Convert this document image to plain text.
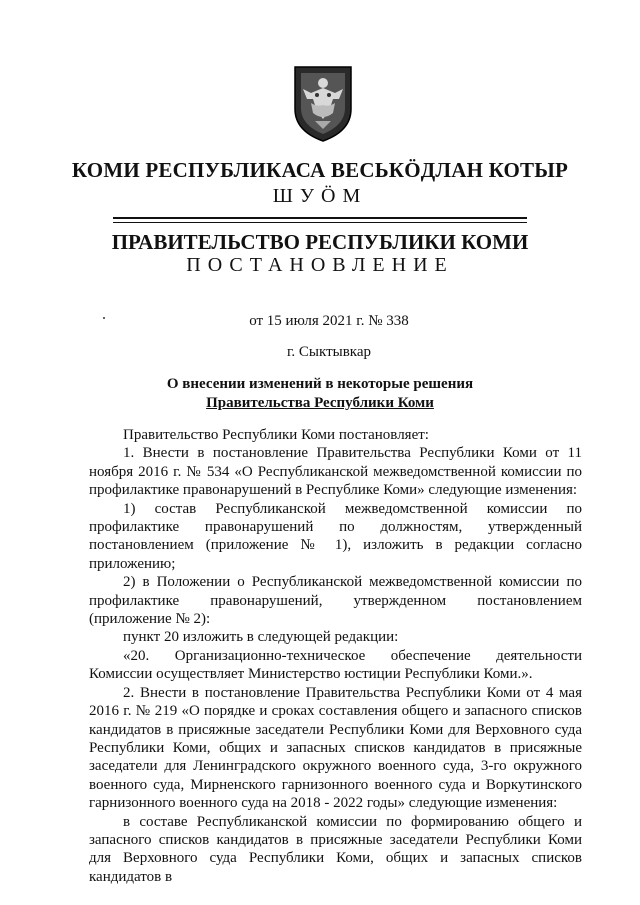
КОМИ РЕСПУБЛИКАСА ВЕСЬКӦДЛАН КОТЫР
ШУӦМ
ПРАВИТЕЛЬСТВО РЕСПУБЛИКИ КОМИ
ПОСТАНОВЛЕНИЕ
от 15 июля 2021 г. № 338
г. Сыктывкар
О внесении изменений в некоторые решения
Правительства Республики Коми

Правительство Республики Коми постановляет:

1. Внести в постановление Правительства Республики Коми от 11 ноября 2016 г. № 534 «О Республиканской межведомственной комиссии по профилактике правонарушений в Республике Коми» следующие изменения:

1) состав Республиканской межведомственной комиссии по профилактике правонарушений по должностям, утвержденный постановлением (приложение № 1), изложить в редакции согласно приложению;

2) в Положении о Республиканской межведомственной комиссии по профилактике правонарушений, утвержденном постановлением (приложение № 2):

пункт 20 изложить в следующей редакции:

«20. Организационно-техническое обеспечение деятельности Комиссии осуществляет Министерство юстиции Республики Коми.».

2. Внести в постановление Правительства Республики Коми от 4 мая 2016 г. № 219 «О порядке и сроках составления общего и запасного списков кандидатов в присяжные заседатели Республики Коми для Верховного суда Республики Коми, общих и запасных списков кандидатов в присяжные заседатели для Ленинградского окружного военного суда, 3-го окружного военного суда, Мирненского гарнизонного военного суда и Воркутинского гарнизонного военного суда на 2018 - 2022 годы» следующие изменения:

в составе Республиканской комиссии по формированию общего и запасного списков кандидатов в присяжные заседатели Республики Коми для Верховного суда Республики Коми, общих и запасных списков кандидатов в
